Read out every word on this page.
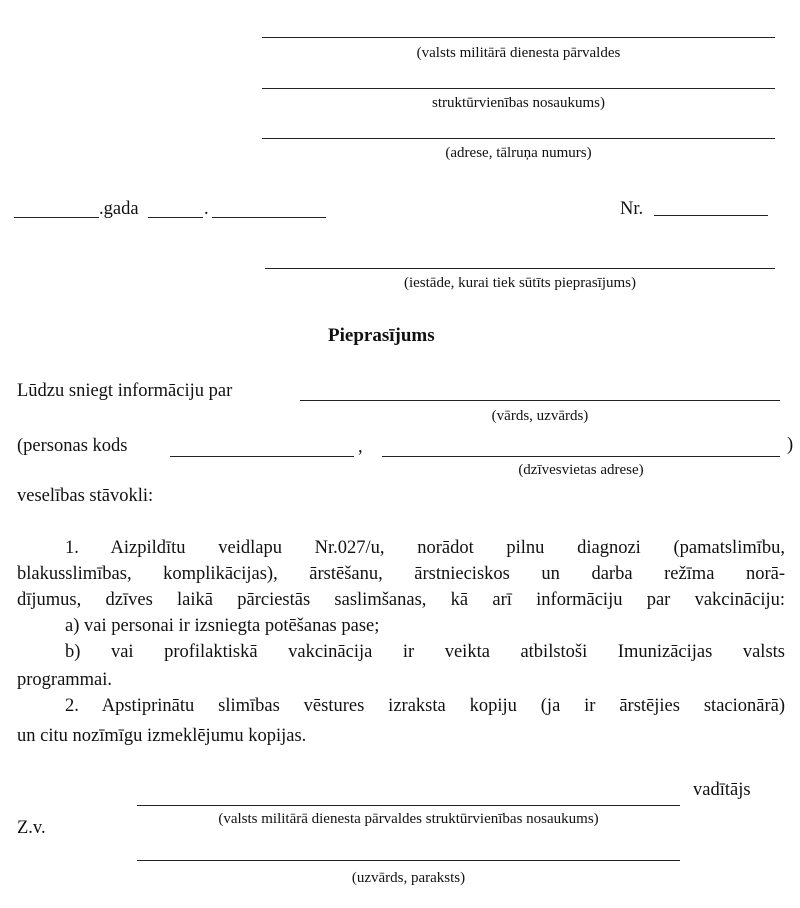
(valsts militārā dienesta pārvaldes
struktūrvienības nosaukums)
(adrese, tālruņa numurs)
.gada	.	Nr.
(iestāde, kurai tiek sūtīts pieprasījums)
Pieprasījums
Lūdzu sniegt informāciju par
(vārds, uzvārds)
(personas kods	,	)
(dzīvesvietas adrese)
veselības stāvokli:
1. Aizpildītu veidlapu Nr.027/u, norādot pilnu diagnozi (pamatslimību,
blakusslimības, komplikācijas), ārstēšanu, ārstnieciskos un darba režīma norā-
dījumus, dzīves laikā pārciestās saslimšanas, kā arī informāciju par vakcināciju:
a) vai personai ir izsniegta potēšanas pase;
b) vai profilaktiskā vakcinācija ir veikta atbilstoši Imunizācijas valsts
programmai.
2. Apstiprinātu slimības vēstures izraksta kopiju (ja ir ārstējies stacionārā)
un citu nozīmīgu izmeklējumu kopijas.
vadītājs
(valsts militārā dienesta pārvaldes struktūrvienības nosaukums)
Z.v.
(uzvārds, paraksts)
